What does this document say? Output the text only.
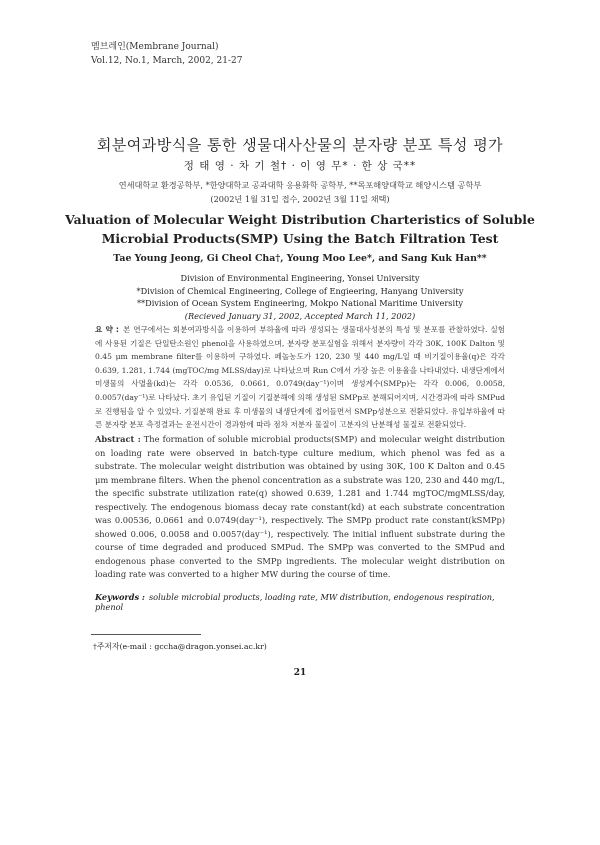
멤브레인(Membrane Journal)
Vol.12, No.1, March, 2002, 21-27
회분여과방식을 통한 생물대사산물의 분자량 분포 특성 평가
정 태 영 · 차 기 철† · 이 영 무* · 한 상 국**
연세대학교 환경공학부, *한양대학교 공과대학 응용화학 공학부, **목포해양대학교 해양시스템 공학부
(2002년 1월 31일 접수, 2002년 3월 11일 채택)
Valuation of Molecular Weight Distribution Charteristics of Soluble
Microbial Products(SMP) Using the Batch Filtration Test
Tae Young Jeong, Gi Cheol Cha†, Young Moo Lee*, and Sang Kuk Han**
Division of Environmental Engineering, Yonsei University
*Division of Chemical Engineering, College of Engieering, Hanyang University
**Division of Ocean System Engineering, Mokpo National Maritime University
(Recieved January 31, 2002, Accepted March 11, 2002)
요 약 : 본 연구에서는 회분여과방식을 이용하여 부하율에 따라 생성되는 생물대사성분의 특성 및 분포를 관찰하였다. 실험에 사용된 기질은 단일탄소원인 phenol을 사용하였으며, 분자량 분포실험을 위해서 분자량이 각각 30K, 100K Dalton 및 0.45 μm membrane filter를 이용하여 구하였다. 페놀농도가 120, 230 및 440 mg/L일 때 비기질이용율(q)은 각각 0.639, 1.281, 1.744 (mgTOC/mg MLSS/day)로 나타났으며 Run C에서 가장 높은 이용율을 나타내었다. 내생단계에서 미생물의 사멸율(kd)는 각각 0.0536, 0.0661, 0.0749(day⁻¹)이며 생성계수(SMPp)는 각각 0.006, 0.0058, 0.0057(day⁻¹)로 나타났다. 초기 유입된 기질이 기질분해에 의해 생성된 SMPp로 분해되어지며, 시간경과에 따라 SMPud로 진행됨을 알 수 있었다. 기질분해 완료 후 미생물의 내생단계에 접어들면서 SMPp성분으로 전환되었다. 유입부하율에 따른 분자량 분포 측정결과는 운전시간이 경과함에 따라 점차 저분자 물질이 고분자의 난분해성 물질로 전환되었다.
Abstract : The formation of soluble microbial products(SMP) and molecular weight distribution on loading rate were observed in batch-type culture medium, which phenol was fed as a substrate. The molecular weight distribution was obtained by using 30K, 100 K Dalton and 0.45 μm membrane filters. When the phenol concentration as a substrate was 120, 230 and 440 mg/L, the specific substrate utilization rate(q) showed 0.639, 1.281 and 1.744 mgTOC/mgMLSS/day, respectively. The endogenous biomass decay rate constant(kd) at each substrate concentration was 0.00536, 0.0661 and 0.0749(day⁻¹), respectively. The SMPp product rate constant(kSMPp) showed 0.006, 0.0058 and 0.0057(day⁻¹), respectively. The initial influent substrate during the course of time degraded and produced SMPud. The SMPp was converted to the SMPud and endogenous phase converted to the SMPp ingredients. The molecular weight distribution on loading rate was converted to a higher MW during the course of time.
Keywords : soluble microbial products, loading rate, MW distribution, endogenous respiration, phenol
†주저자(e-mail : gccha@dragon.yonsei.ac.kr)
21
